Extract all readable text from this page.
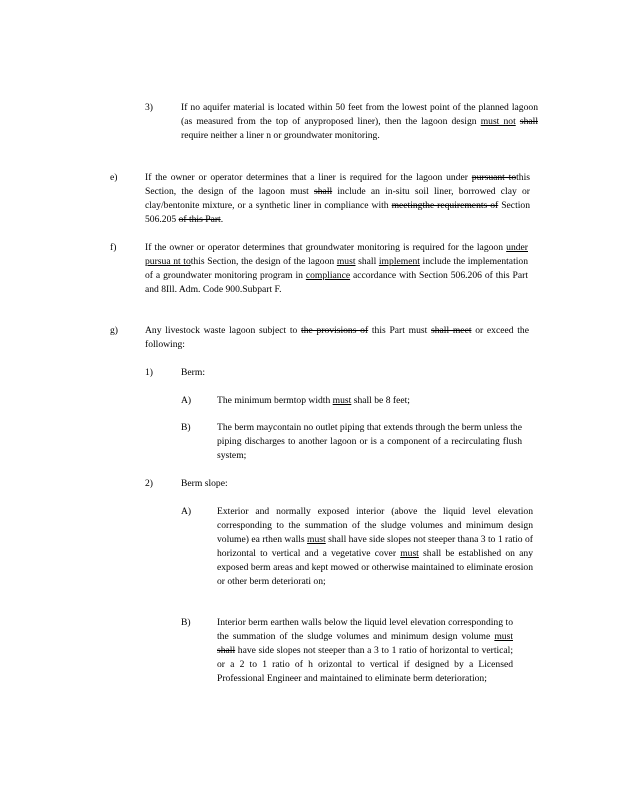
3)	If no aquifer material is located within 50 feet from the lowest point of the planned lagoon (as measured from the top of anyproposed liner), then the lagoon design must not shall require neither a liner n or groundwater monitoring.

e)	If the owner or operator determines that a liner is required for the lagoon under pursuant tothis Section, the design of the lagoon must shall include an in-situ soil liner, borrowed clay or clay/bentonite mixture, or a synthetic liner in compliance with meetingthe requirements of Section 506.205 of this Part.

f)	If the owner or operator determines that groundwater monitoring is required for the lagoon under pursua nt tothis Section, the design of the lagoon must shall implement include the implementation of a groundwater monitoring program in compliance accordance with Section 506.206 of this Part and 8Ill. Adm. Code 900.Subpart F.

g)	Any livestock waste lagoon subject to the provisions of this Part must shall meet or exceed the following:

1)	Berm:

A)	The minimum bermtop width must shall be 8 feet;

B)	The berm maycontain no outlet piping that extends through the berm unless the piping discharges to another lagoon or is a component of a recirculating flush system;

2)	Berm slope:

A)	Exterior and normally exposed interior (above the liquid level elevation corresponding to the summation of the sludge volumes and minimum design volume) ea rthen walls must shall have side slopes not steeper thana 3 to 1 ratio of horizontal to vertical and a vegetative cover must shall be established on any exposed berm areas and kept mowed or otherwise maintained to eliminate erosion or other berm deteriorati on;

B)	Interior berm earthen walls below the liquid level elevation corresponding to the summation of the sludge volumes and minimum design volume must shall have side slopes not steeper than a 3 to 1 ratio of horizontal to vertical; or a 2 to 1 ratio of h orizontal to vertical if designed by a Licensed Professional Engineer and maintained to eliminate berm deterioration;
